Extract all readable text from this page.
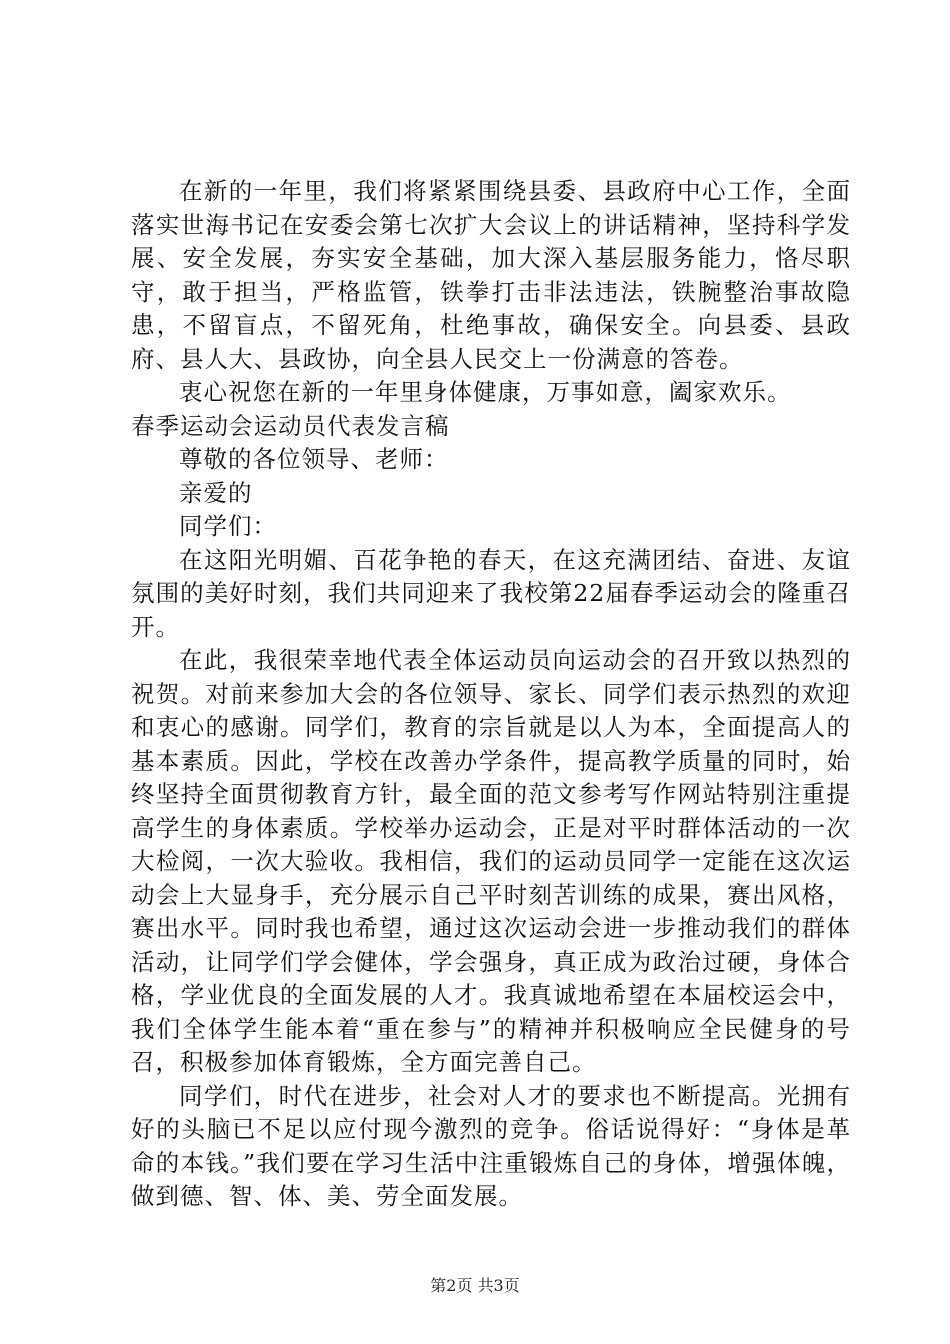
在新的一年里，我们将紧紧围绕县委、县政府中心工作，全面落实世海书记在安委会第七次扩大会议上的讲话精神，坚持科学发展、安全发展，夯实安全基础，加大深入基层服务能力，恪尽职守，敢于担当，严格监管，铁拳打击非法违法，铁腕整治事故隐患，不留盲点，不留死角，杜绝事故，确保安全。向县委、县政府、县人大、县政协，向全县人民交上一份满意的答卷。

衷心祝您在新的一年里身体健康，万事如意，阖家欢乐。

春季运动会运动员代表发言稿

尊敬的各位领导、老师：

亲爱的

同学们：

在这阳光明媚、百花争艳的春天，在这充满团结、奋进、友谊氛围的美好时刻，我们共同迎来了我校第22届春季运动会的隆重召开。

在此，我很荣幸地代表全体运动员向运动会的召开致以热烈的祝贺。对前来参加大会的各位领导、家长、同学们表示热烈的欢迎和衷心的感谢。同学们，教育的宗旨就是以人为本，全面提高人的基本素质。因此，学校在改善办学条件，提高教学质量的同时，始终坚持全面贯彻教育方针，最全面的范文参考写作网站特别注重提高学生的身体素质。学校举办运动会，正是对平时群体活动的一次大检阅，一次大验收。我相信，我们的运动员同学一定能在这次运动会上大显身手，充分展示自己平时刻苦训练的成果，赛出风格，赛出水平。同时我也希望，通过这次运动会进一步推动我们的群体活动，让同学们学会健体，学会强身，真正成为政治过硬，身体合格，学业优良的全面发展的人才。我真诚地希望在本届校运会中，我们全体学生能本着“重在参与”的精神并积极响应全民健身的号召，积极参加体育锻炼，全方面完善自己。

同学们，时代在进步，社会对人才的要求也不断提高。光拥有好的头脑已不足以应付现今激烈的竞争。俗话说得好：“身体是革命的本钱。”我们要在学习生活中注重锻炼自己的身体，增强体魄，做到德、智、体、美、劳全面发展。

第2页 共3页
